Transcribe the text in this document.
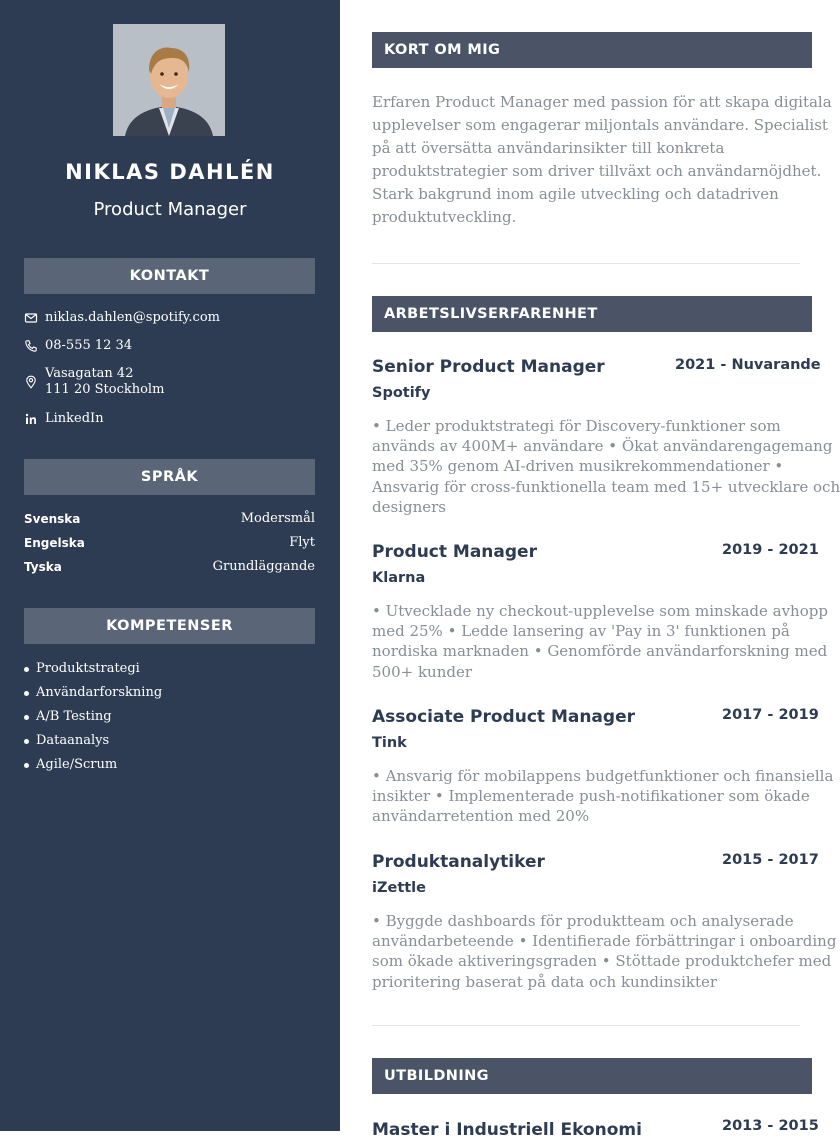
NIKLAS DAHLÉN
Product Manager
KONTAKT
niklas.dahlen@spotify.com
08-555 12 34
Vasagatan 42
111 20 Stockholm
LinkedIn
SPRÅK
Svenska	Modersmål
Engelska	Flyt
Tyska	Grundläggande
KOMPETENSER
Produktstrategi
Användarforskning
A/B Testing
Dataanalys
Agile/Scrum
KORT OM MIG
Erfaren Product Manager med passion för att skapa digitala
upplevelser som engagerar miljontals användare. Specialist
på att översätta användarinsikter till konkreta
produktstrategier som driver tillväxt och användarnöjdhet.
Stark bakgrund inom agile utveckling och datadriven
produktutveckling.
ARBETSLIVSERFARENHET
Senior Product Manager	2021 - Nuvarande
Spotify
• Leder produktstrategi för Discovery-funktioner som
används av 400M+ användare • Ökat användarengagemang
med 35% genom AI-driven musikrekommendationer •
Ansvarig för cross-funktionella team med 15+ utvecklare och
designers
Product Manager	2019 - 2021
Klarna
• Utvecklade ny checkout-upplevelse som minskade avhopp
med 25% • Ledde lansering av 'Pay in 3' funktionen på
nordiska marknaden • Genomförde användarforskning med
500+ kunder
Associate Product Manager	2017 - 2019
Tink
• Ansvarig för mobilappens budgetfunktioner och finansiella
insikter • Implementerade push-notifikationer som ökade
användarretention med 20%
Produktanalytiker	2015 - 2017
iZettle
• Byggde dashboards för produktteam och analyserade
användarbeteende • Identifierade förbättringar i onboarding
som ökade aktiveringsgraden • Stöttade produktchefer med
prioritering baserat på data och kundinsikter
UTBILDNING
Master i Industriell Ekonomi	2013 - 2015
